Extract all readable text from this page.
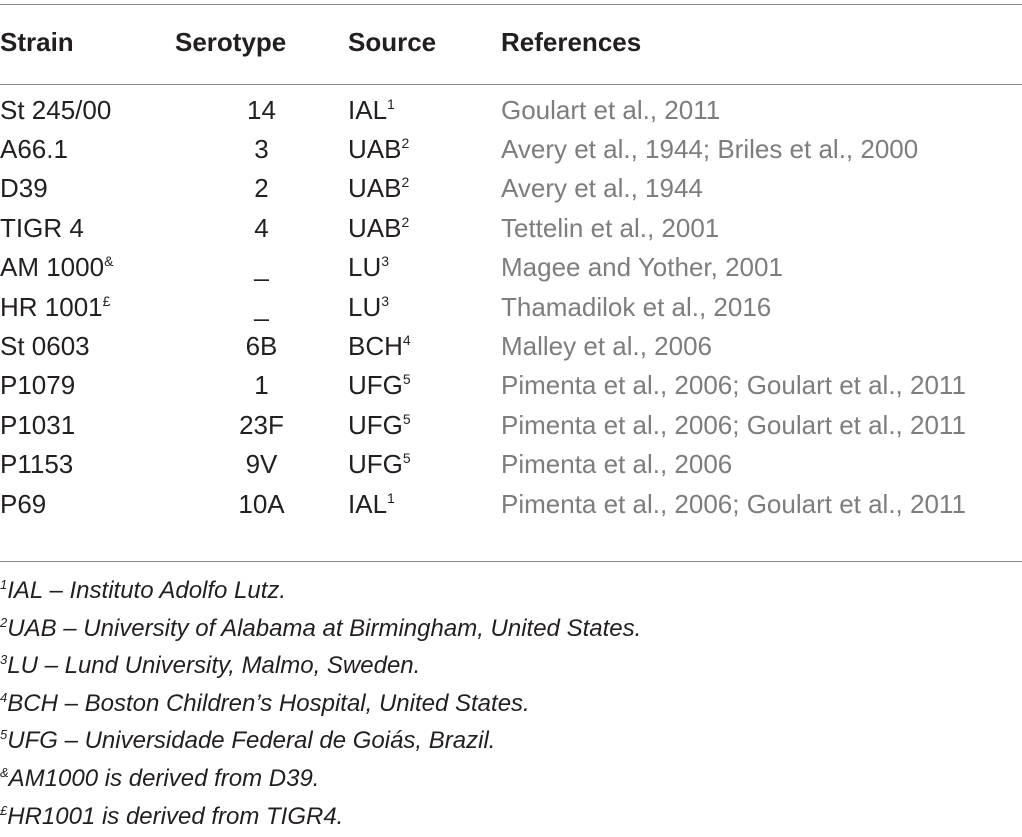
Strain	Serotype	Source	References
St 245/00	14	IAL$^1$	Goulart et al., 2011
A66.1	3	UAB$^2$	Avery et al., 1944; Briles et al., 2000
D39	2	UAB$^2$	Avery et al., 1944
TIGR 4	4	UAB$^2$	Tettelin et al., 2001
AM 1000&	_	$LU^3$	Magee and Yother, 2001
HR 1001£	_	$LU^3$	Thamadilok et al., 2016
St 0603	6B	BCH$^4$	Malley et al., 2006
P1079	1	UFG$^5$	Pimenta et al., 2006; Goulart et al., 2011
P1031	23F	UFG$^5$	Pimenta et al., 2006; Goulart et al., 2011
P1153	9V	UFG$^5$	Pimenta et al., 2006
P69	10A	IAL$^1$	Pimenta et al., 2006; Goulart et al., 2011
$^1$IAL – Instituto Adolfo Lutz.
$^2$UAB – University of Alabama at Birmingham, United States.
$^3$LU – Lund University, Malmo, Sweden.
$^4$BCH – Boston Children’s Hospital, United States.
$^5$UFG – Universidade Federal de Goiás, Brazil.
&AM1000 is derived from D39.
£HR1001 is derived from TIGR4.
